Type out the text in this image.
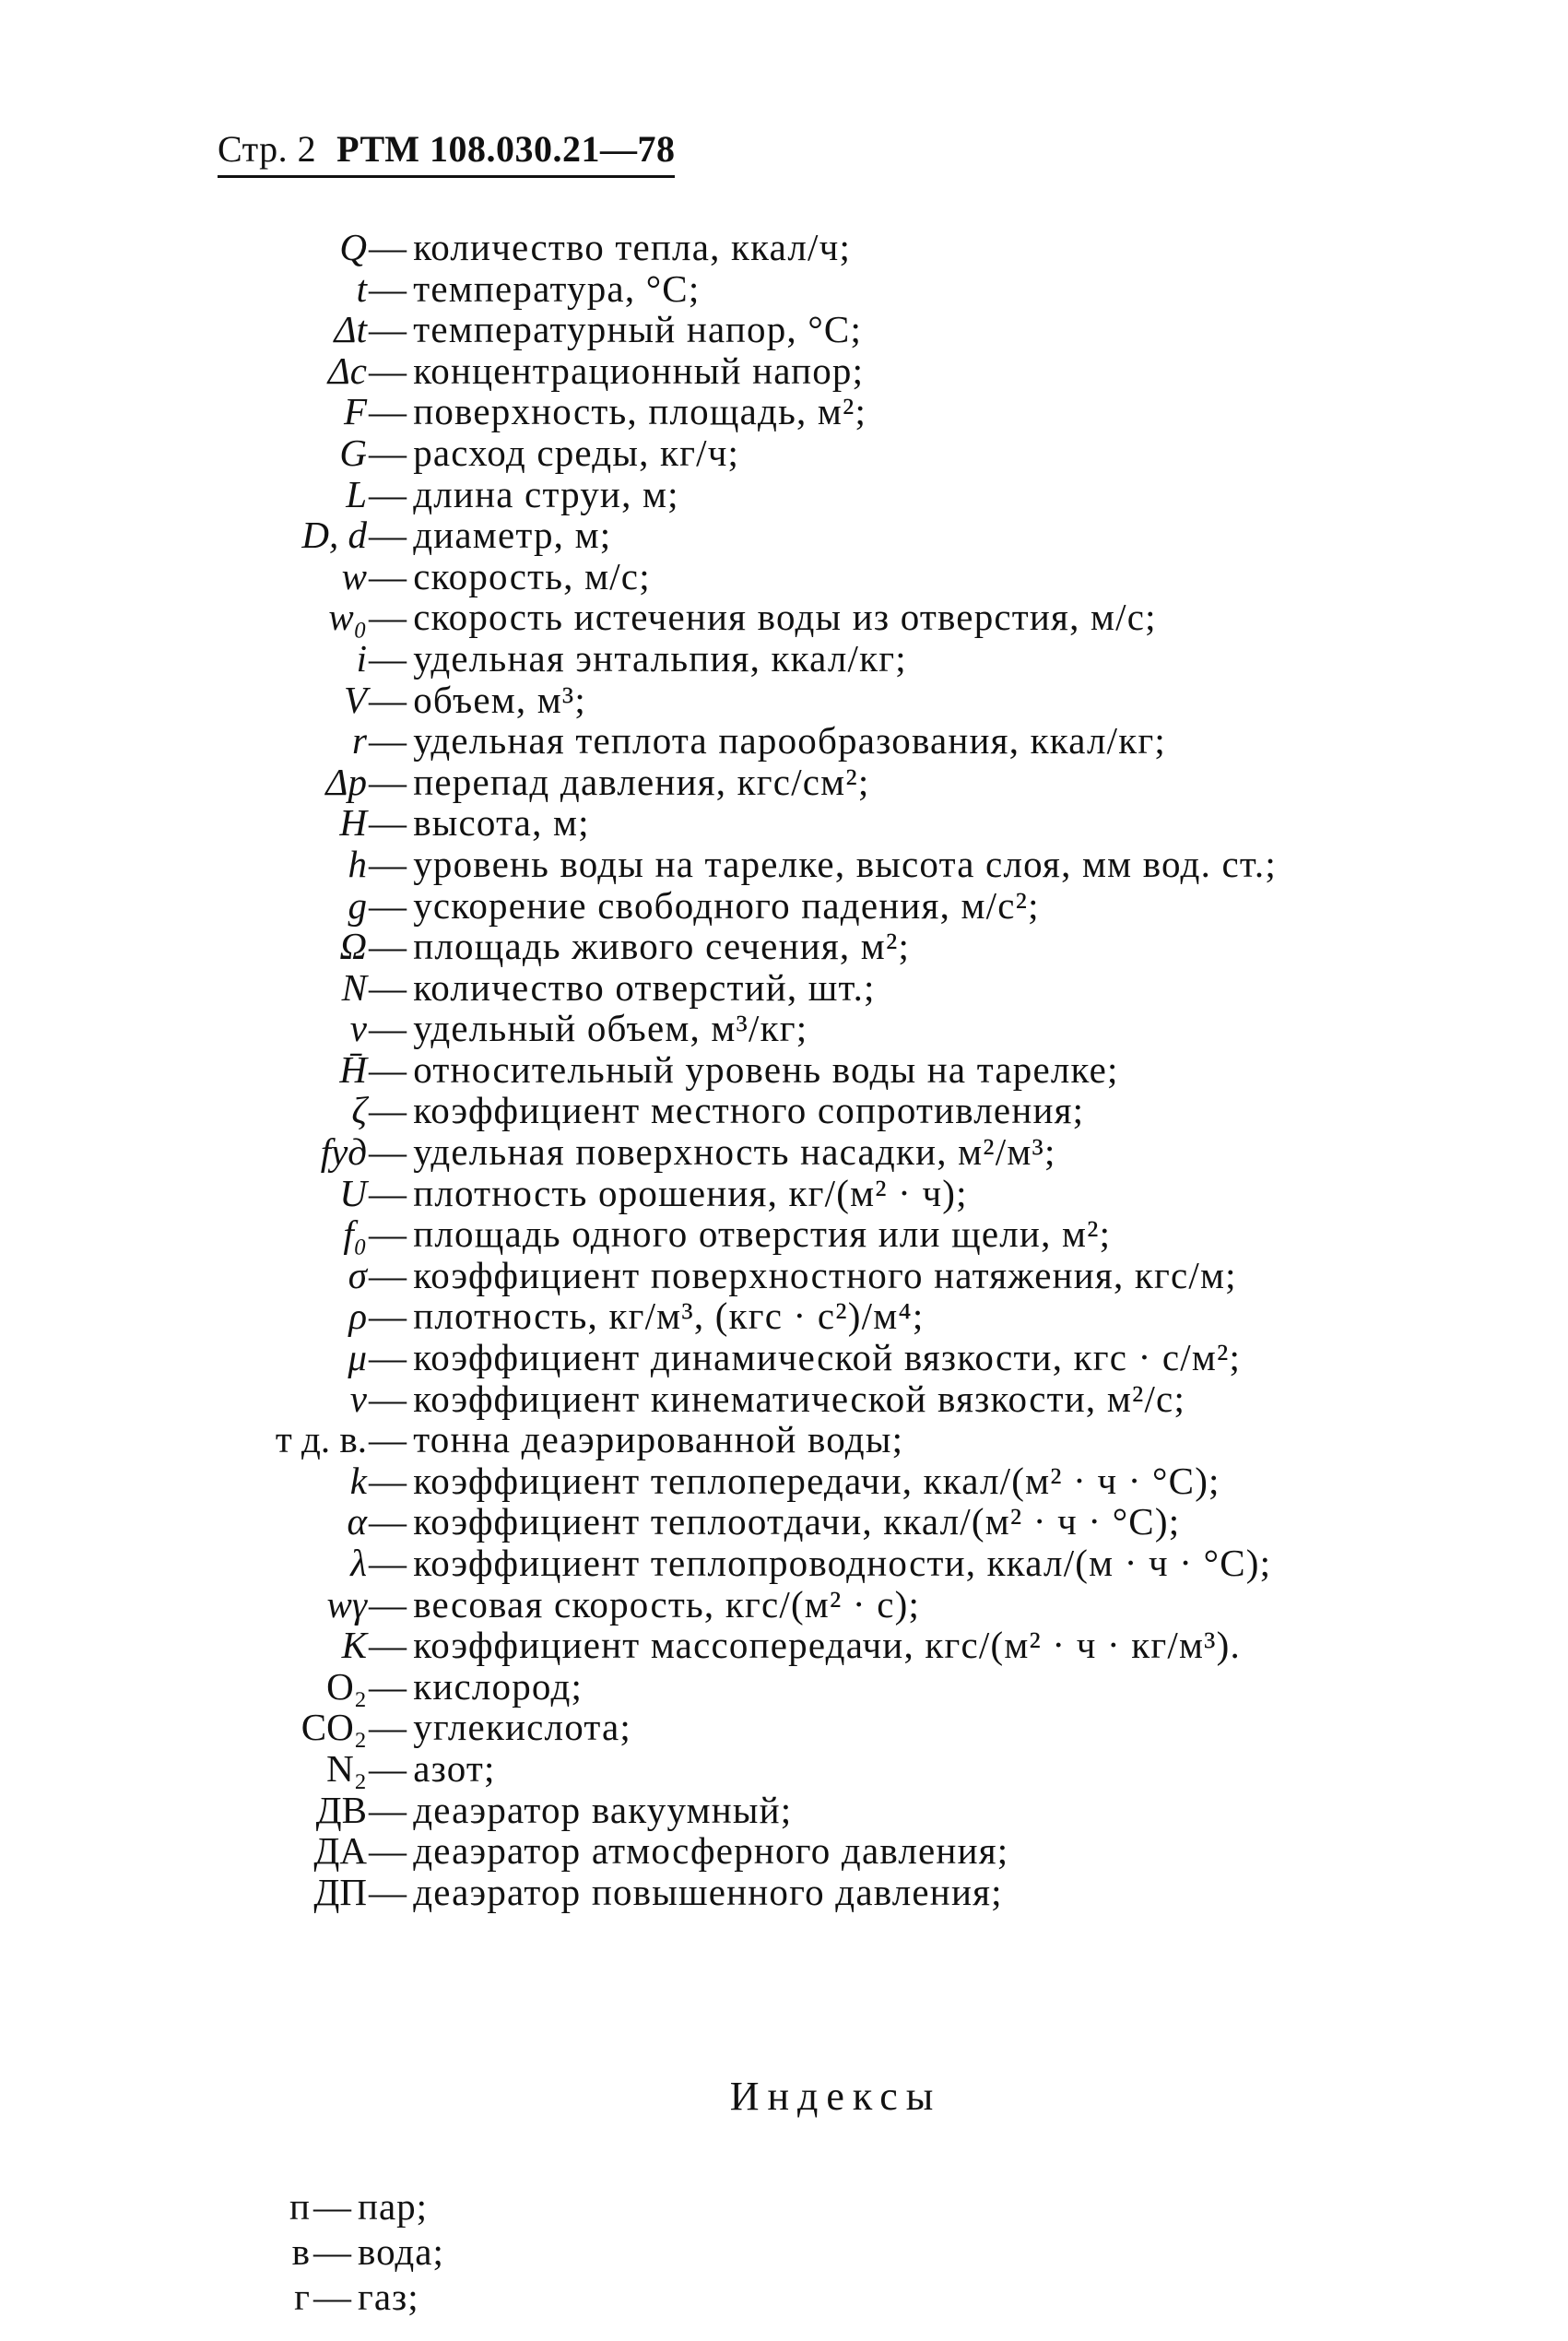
Стр. 2 РТМ 108.030.21—78
Q — количество тепла, ккал/ч;
t — температура, °С;
Δt — температурный напор, °С;
Δc — концентрационный напор;
F — поверхность, площадь, м²;
G — расход среды, кг/ч;
L — длина струи, м;
D, d — диаметр, м;
w — скорость, м/с;
w₀ — скорость истечения воды из отверстия, м/с;
i — удельная энтальпия, ккал/кг;
V — объем, м³;
r — удельная теплота парообразования, ккал/кг;
Δp — перепад давления, кгс/см²;
H — высота, м;
h — уровень воды на тарелке, высота слоя, мм вод. ст.;
g — ускорение свободного падения, м/с²;
Ω — площадь живого сечения, м²;
N — количество отверстий, шт.;
v — удельный объем, м³/кг;
H̄ — относительный уровень воды на тарелке;
ζ — коэффициент местного сопротивления;
fуд — удельная поверхность насадки, м²/м³;
U — плотность орошения, кг/(м² · ч);
f₀ — площадь одного отверстия или щели, м²;
σ — коэффициент поверхностного натяжения, кгс/м;
ρ — плотность, кг/м³, (кгс · с²)/м⁴;
μ — коэффициент динамической вязкости, кгс · с/м²;
ν — коэффициент кинематической вязкости, м²/с;
т д. в. — тонна деаэрированной воды;
k — коэффициент теплопередачи, ккал/(м² · ч · °С);
α — коэффициент теплоотдачи, ккал/(м² · ч · °С);
λ — коэффициент теплопроводности, ккал/(м · ч · °С);
wγ — весовая скорость, кгс/(м² · с);
K — коэффициент массопередачи, кгс/(м² · ч · кг/м³).
O₂ — кислород;
CO₂ — углекислота;
N₂ — азот;
ДВ — деаэратор вакуумный;
ДА — деаэратор атмосферного давления;
ДП — деаэратор повышенного давления;
Индексы
п — пар;
в — вода;
г — газ;
